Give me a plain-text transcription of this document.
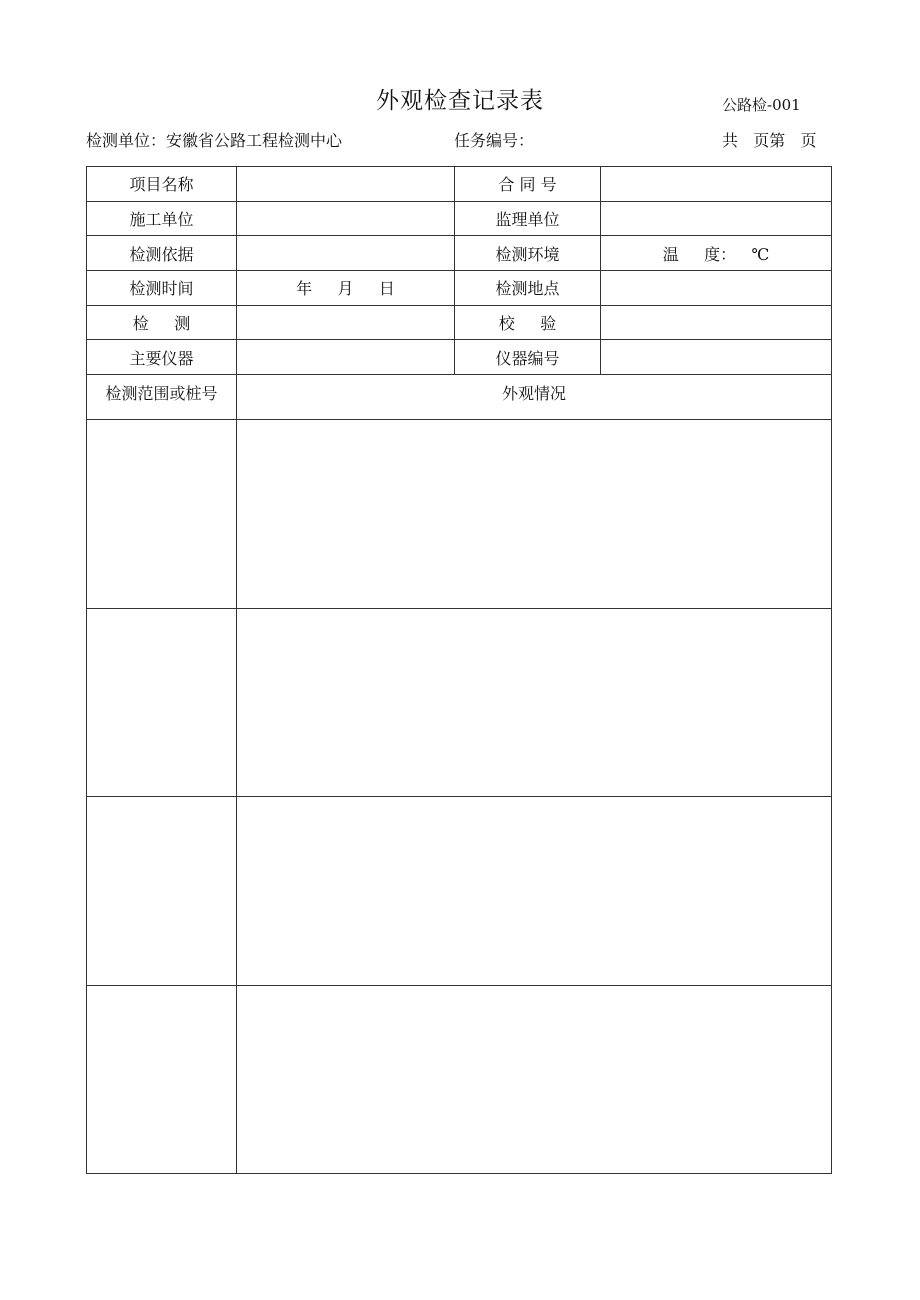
外观检查记录表	公路检-001
检测单位：安徽省公路工程检测中心	任务编号：	共   页第   页
项目名称		合 同 号	
施工单位		监理单位	
检测依据		检测环境	温     度：   ℃
检测时间	年     月     日	检测地点	
检     测		校     验	
主要仪器		仪器编号	
检测范围或桩号	外观情况		
